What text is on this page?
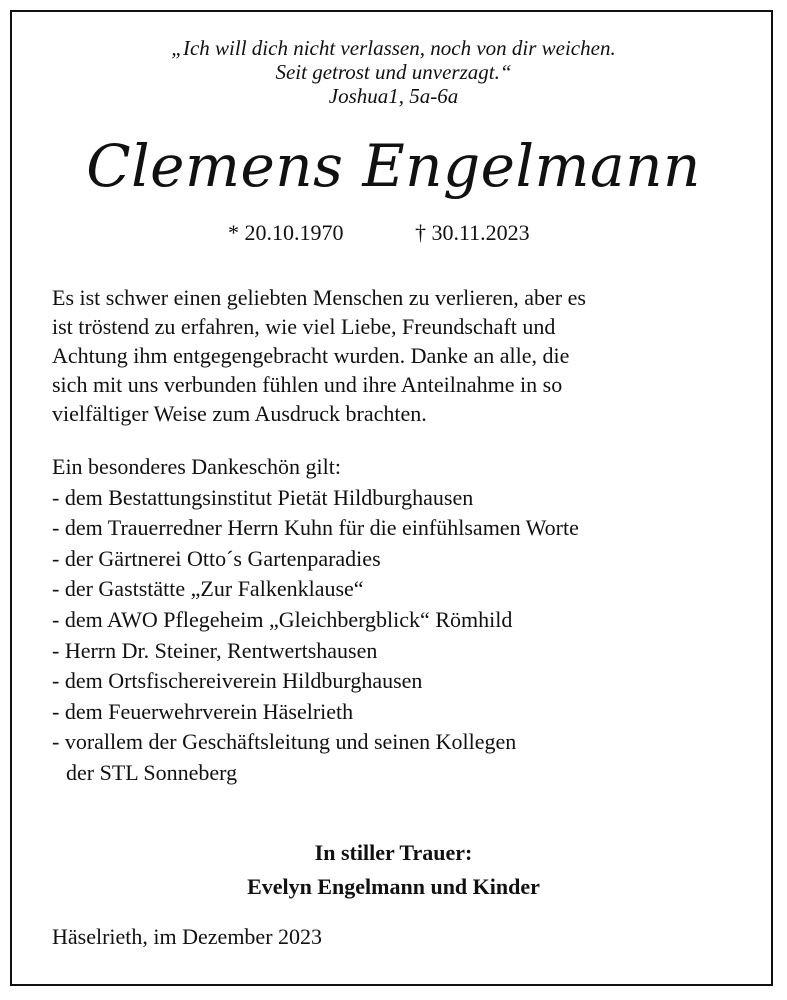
„Ich will dich nicht verlassen, noch von dir weichen.
Seit getrost und unverzagt.“
Joshua1, 5a-6a
Clemens Engelmann
* 20.10.1970	† 30.11.2023
Es ist schwer einen geliebten Menschen zu verlieren, aber es
ist tröstend zu erfahren, wie viel Liebe, Freundschaft und
Achtung ihm entgegengebracht wurden. Danke an alle, die
sich mit uns verbunden fühlen und ihre Anteilnahme in so
vielfältiger Weise zum Ausdruck brachten.
Ein besonderes Dankeschön gilt:
- dem Bestattungsinstitut Pietät Hildburghausen
- dem Trauerredner Herrn Kuhn für die einfühlsamen Worte
- der Gärtnerei Otto´s Gartenparadies
- der Gaststätte „Zur Falkenklause“
- dem AWO Pflegeheim „Gleichbergblick“ Römhild
- Herrn Dr. Steiner, Rentwertshausen
- dem Ortsfischereiverein Hildburghausen
- dem Feuerwehrverein Häselrieth
- vorallem der Geschäftsleitung und seinen Kollegen
der STL Sonneberg
In stiller Trauer:
Evelyn Engelmann und Kinder
Häselrieth, im Dezember 2023
